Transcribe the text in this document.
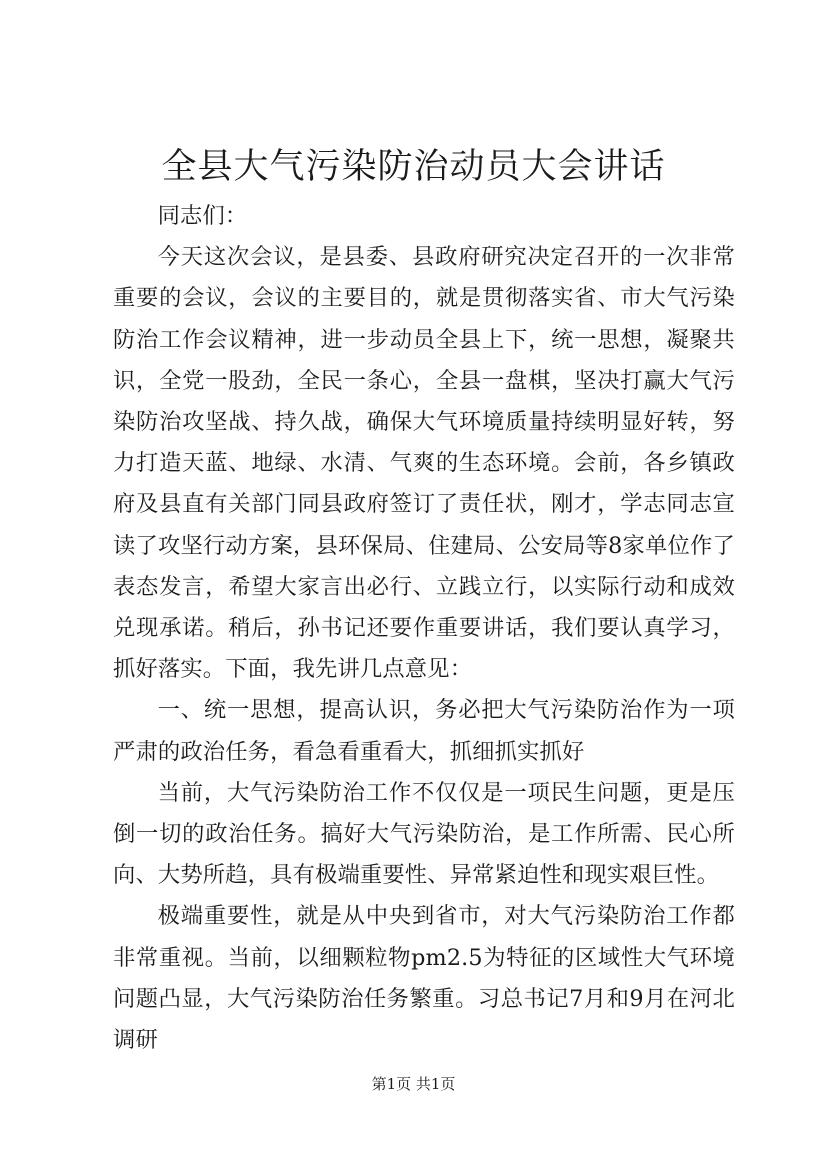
全县大气污染防治动员大会讲话

同志们：

今天这次会议，是县委、县政府研究决定召开的一次非常重要的会议，会议的主要目的，就是贯彻落实省、市大气污染防治工作会议精神，进一步动员全县上下，统一思想，凝聚共识，全党一股劲，全民一条心，全县一盘棋，坚决打赢大气污染防治攻坚战、持久战，确保大气环境质量持续明显好转，努力打造天蓝、地绿、水清、气爽的生态环境。会前，各乡镇政府及县直有关部门同县政府签订了责任状，刚才，学志同志宣读了攻坚行动方案，县环保局、住建局、公安局等8家单位作了表态发言，希望大家言出必行、立践立行，以实际行动和成效兑现承诺。稍后，孙书记还要作重要讲话，我们要认真学习，抓好落实。下面，我先讲几点意见：

一、统一思想，提高认识，务必把大气污染防治作为一项严肃的政治任务，看急看重看大，抓细抓实抓好

当前，大气污染防治工作不仅仅是一项民生问题，更是压倒一切的政治任务。搞好大气污染防治，是工作所需、民心所向、大势所趋，具有极端重要性、异常紧迫性和现实艰巨性。

极端重要性，就是从中央到省市，对大气污染防治工作都非常重视。当前，以细颗粒物pm2.5为特征的区域性大气环境问题凸显，大气污染防治任务繁重。习总书记7月和9月在河北调研

第1页 共1页
